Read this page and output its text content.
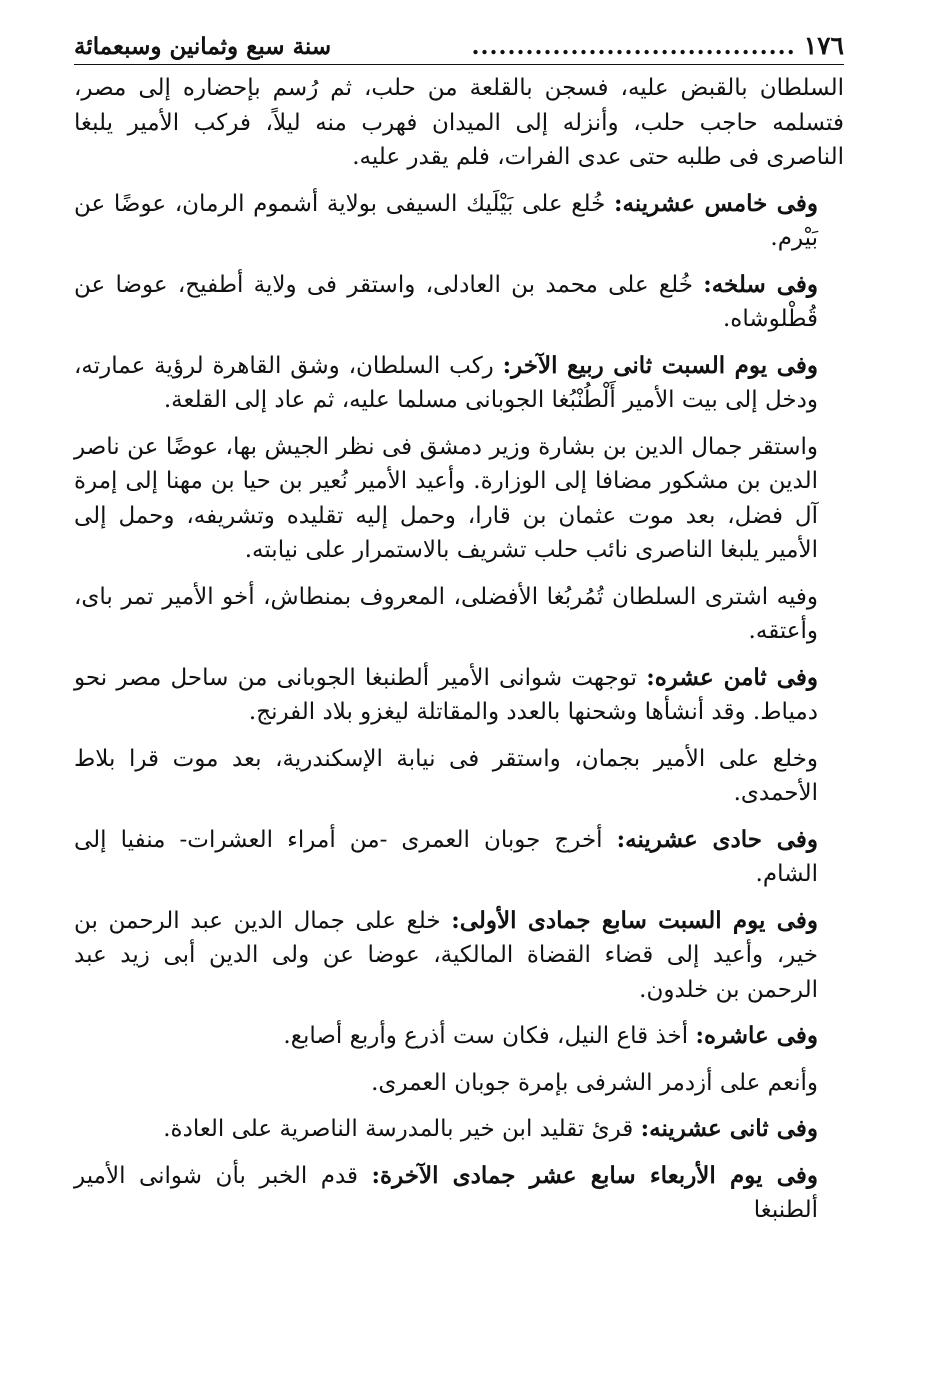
١٧٦
....................................
سنة سبع وثمانين وسبعمائة

السلطان بالقبض عليه، فسجن بالقلعة من حلب، ثم رُسم بإحضاره إلى مصر، فتسلمه حاجب حلب، وأنزله إلى الميدان فهرب منه ليلاً، فركب الأمير يلبغا الناصرى فى طلبه حتى عدى الفرات، فلم يقدر عليه.

وفى خامس عشرينه: خُلع على بَيْلَيك السيفى بولاية أشموم الرمان، عوضًا عن بَيْرم.

وفى سلخه: خُلع على محمد بن العادلى، واستقر فى ولاية أطفيح، عوضا عن قُطْلوشاه.

وفى يوم السبت ثانى ربيع الآخر: ركب السلطان، وشق القاهرة لرؤية عمارته، ودخل إلى بيت الأمير أَلْطُنْبُغا الجوبانى مسلما عليه، ثم عاد إلى القلعة.

واستقر جمال الدين بن بشارة وزير دمشق فى نظر الجيش بها، عوضًا عن ناصر الدين بن مشكور مضافا إلى الوزارة. وأعيد الأمير نُعير بن حيا بن مهنا إلى إمرة آل فضل، بعد موت عثمان بن قارا، وحمل إليه تقليده وتشريفه، وحمل إلى الأمير يلبغا الناصرى نائب حلب تشريف بالاستمرار على نيابته.

وفيه اشترى السلطان تُمُربُغا الأفضلى، المعروف بمنطاش، أخو الأمير تمر باى، وأعتقه.

وفى ثامن عشره: توجهت شوانى الأمير ألطنبغا الجوبانى من ساحل مصر نحو دمياط. وقد أنشأها وشحنها بالعدد والمقاتلة ليغزو بلاد الفرنج.

وخلع على الأمير بجمان، واستقر فى نيابة الإسكندرية، بعد موت قرا بلاط الأحمدى.

وفى حادى عشرينه: أخرج جوبان العمرى -من أمراء العشرات- منفيا إلى الشام.

وفى يوم السبت سابع جمادى الأولى: خلع على جمال الدين عبد الرحمن بن خير، وأعيد إلى قضاء القضاة المالكية، عوضا عن ولى الدين أبى زيد عبد الرحمن بن خلدون.

وفى عاشره: أخذ قاع النيل، فكان ست أذرع وأربع أصابع.

وأنعم على أزدمر الشرفى بإمرة جوبان العمرى.

وفى ثانى عشرينه: قرئ تقليد ابن خير بالمدرسة الناصرية على العادة.

وفى يوم الأربعاء سابع عشر جمادى الآخرة: قدم الخبر بأن شوانى الأمير ألطنبغا
